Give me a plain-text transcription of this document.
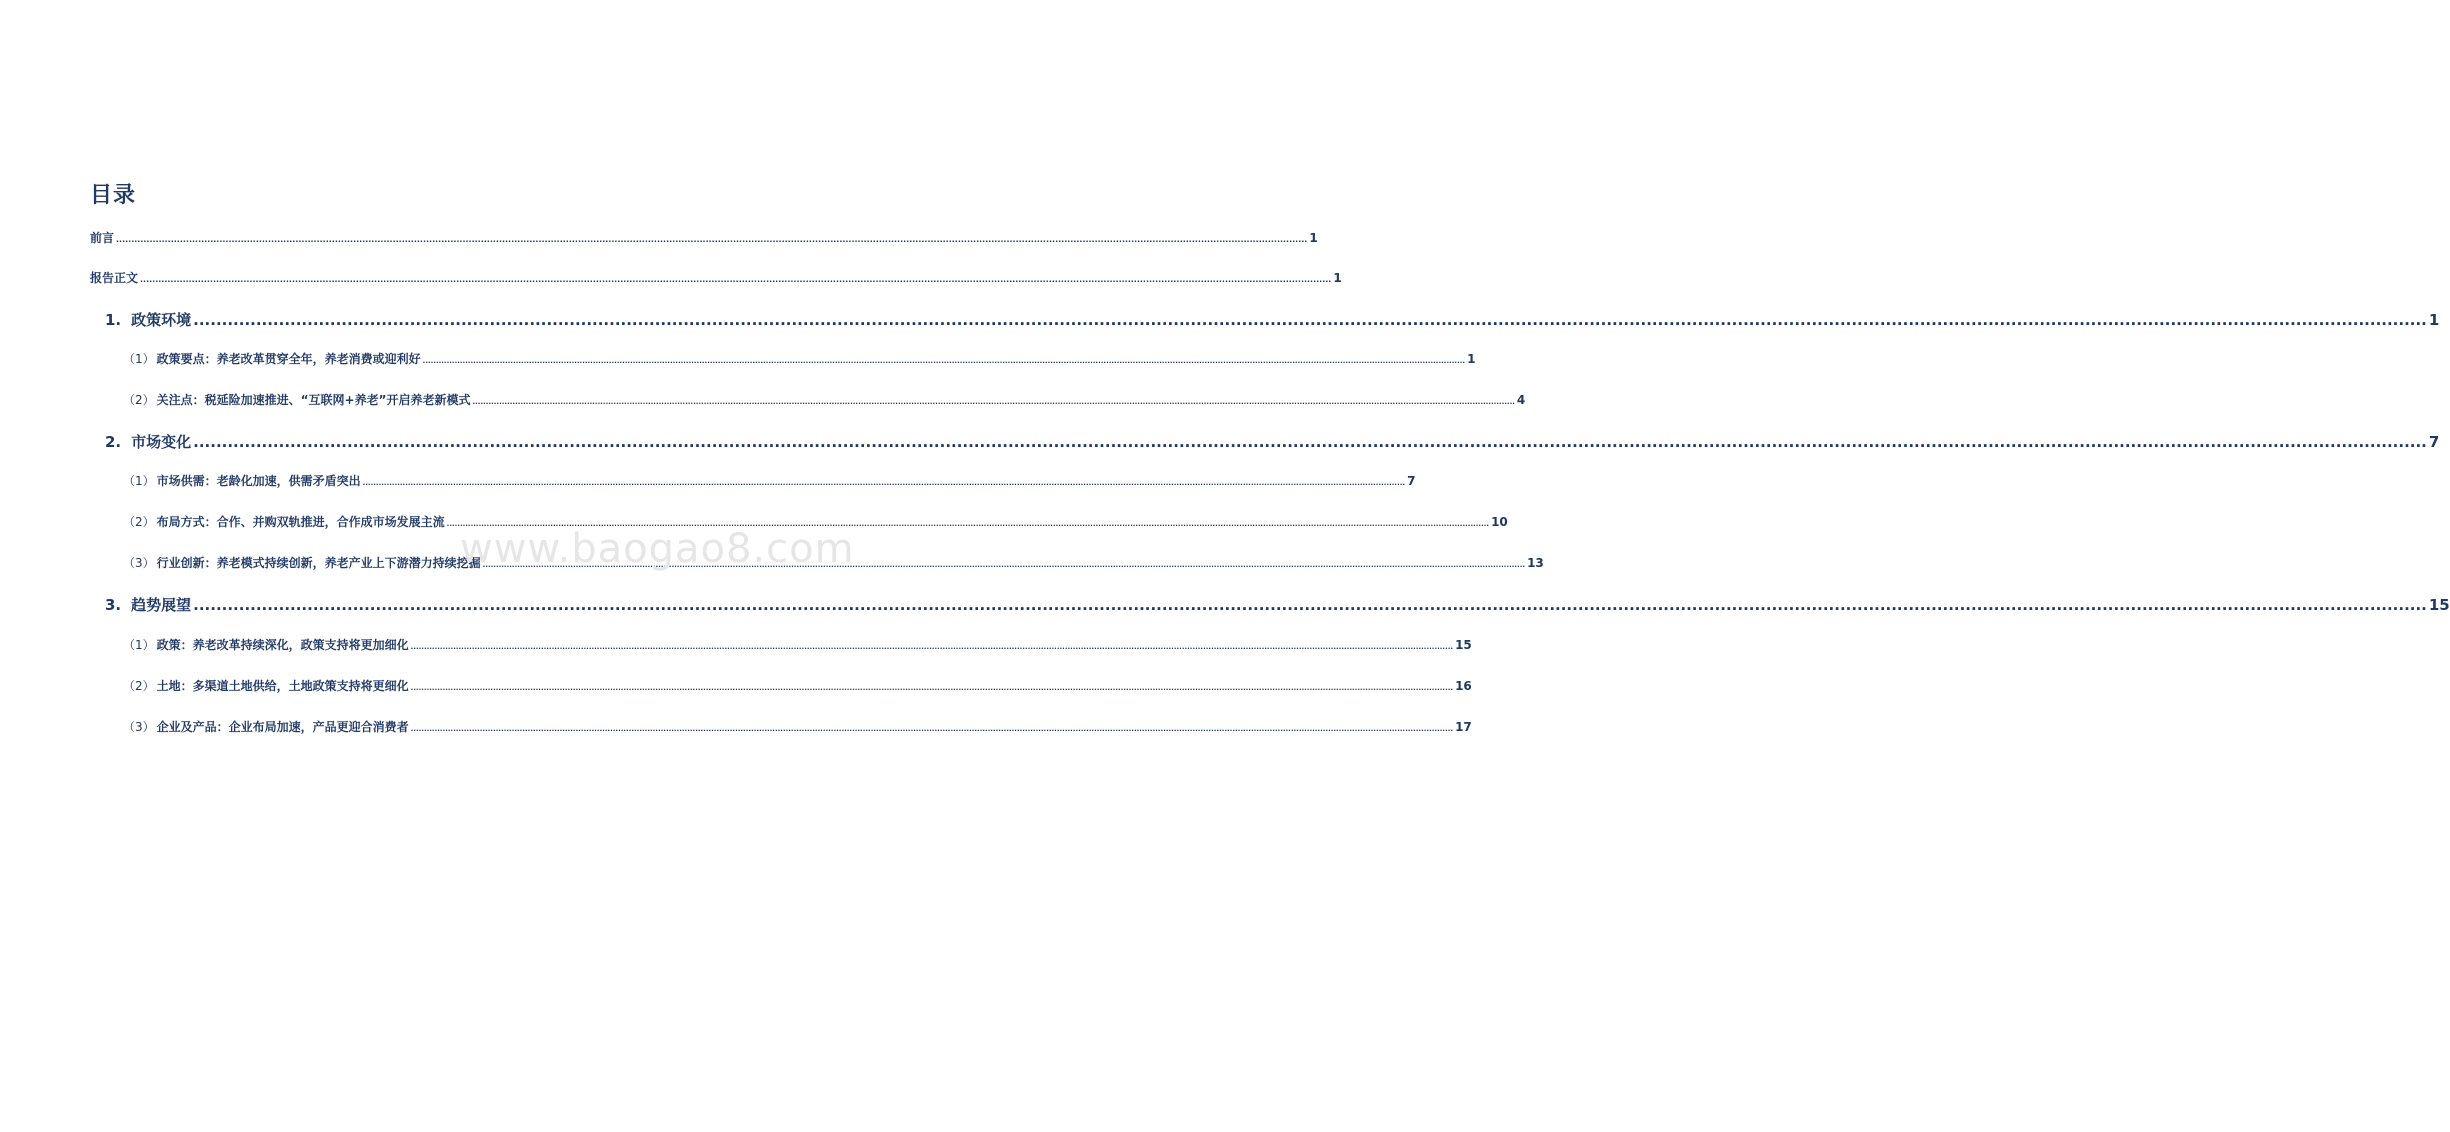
目录
前言 .....	1
报告正文 .....	1
1. 政策环境 .....	1
（1） 政策要点：养老改革贯穿全年，养老消费或迎利好 .....	1
（2） 关注点：税延险加速推进、“互联网+养老”开启养老新模式 .....	4
2. 市场变化 .....	7
（1） 市场供需：老龄化加速，供需矛盾突出 .....	7
（2） 布局方式：合作、并购双轨推进，合作成市场发展主流 .....	10
（3） 行业创新：养老模式持续创新，养老产业上下游潜力持续挖掘 .....	13
3. 趋势展望 .....	15
（1） 政策：养老改革持续深化，政策支持将更加细化 .....	15
（2） 土地：多渠道土地供给，土地政策支持将更细化 .....	16
（3） 企业及产品：企业布局加速，产品更迎合消费者 .....	17
www.baogao8.com
